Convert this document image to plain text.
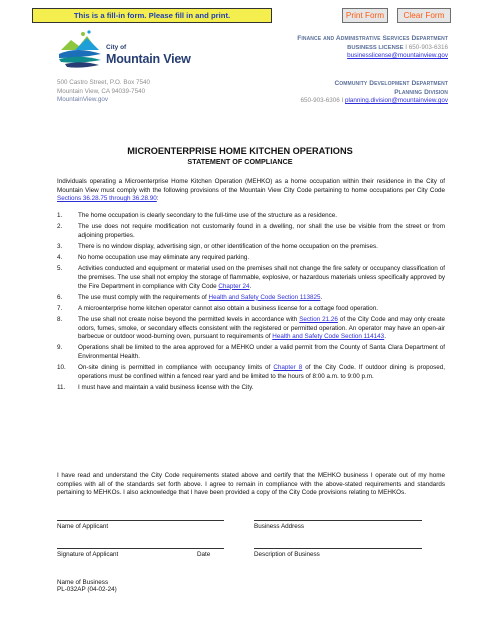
This is a fill-in form. Please fill in and print.	Print Form	Clear Form
City of
Mountain View
500 Castro Street, P.O. Box 7540
Mountain View, CA 94039-7540
MountainView.gov
Finance and Administrative Services Department
BUSINESS LICENSE I 650-903-6316
businesslicense@mountainview.gov
Community Development Department
Planning Division
650-903-6306 I planning.division@mountainview.gov
MICROENTERPRISE HOME KITCHEN OPERATIONS
STATEMENT OF COMPLIANCE
Individuals operating a Microenterprise Home Kitchen Operation (MEHKO) as a home occupation within their residence in the City of Mountain View must comply with the following provisions of the Mountain View City Code pertaining to home occupations per City Code Sections 36.28.75 through 36.28.90:
1.	The home occupation is clearly secondary to the full-time use of the structure as a residence.
2.	The use does not require modification not customarily found in a dwelling, nor shall the use be visible from the street or from adjoining properties.
3.	There is no window display, advertising sign, or other identification of the home occupation on the premises.
4.	No home occupation use may eliminate any required parking.
5.	Activities conducted and equipment or material used on the premises shall not change the fire safety or occupancy classification of the premises. The use shall not employ the storage of flammable, explosive, or hazardous materials unless specifically approved by the Fire Department in compliance with City Code Chapter 24.
6.	The use must comply with the requirements of Health and Safety Code Section 113825.
7.	A microenterprise home kitchen operator cannot also obtain a business license for a cottage food operation.
8.	The use shall not create noise beyond the permitted levels in accordance with Section 21.26 of the City Code and may only create odors, fumes, smoke, or secondary effects consistent with the registered or permitted operation. An operator may have an open-air barbecue or outdoor wood-burning oven, pursuant to requirements of Health and Safety Code Section 114143.
9.	Operations shall be limited to the area approved for a MEHKO under a valid permit from the County of Santa Clara Department of Environmental Health.
10.	On-site dining is permitted in compliance with occupancy limits of Chapter 8 of the City Code. If outdoor dining is proposed, operations must be confined within a fenced rear yard and be limited to the hours of 8:00 a.m. to 9:00 p.m.
11.	I must have and maintain a valid business license with the City.
I have read and understand the City Code requirements stated above and certify that the MEHKO business I operate out of my home complies with all of the standards set forth above. I agree to remain in compliance with the above-stated requirements and standards pertaining to MEHKOs. I also acknowledge that I have been provided a copy of the City Code provisions relating to MEHKOs.
Name of Applicant	Business Address
Signature of Applicant	Date	Description of Business
Name of Business
PL-032AP (04-02-24)
